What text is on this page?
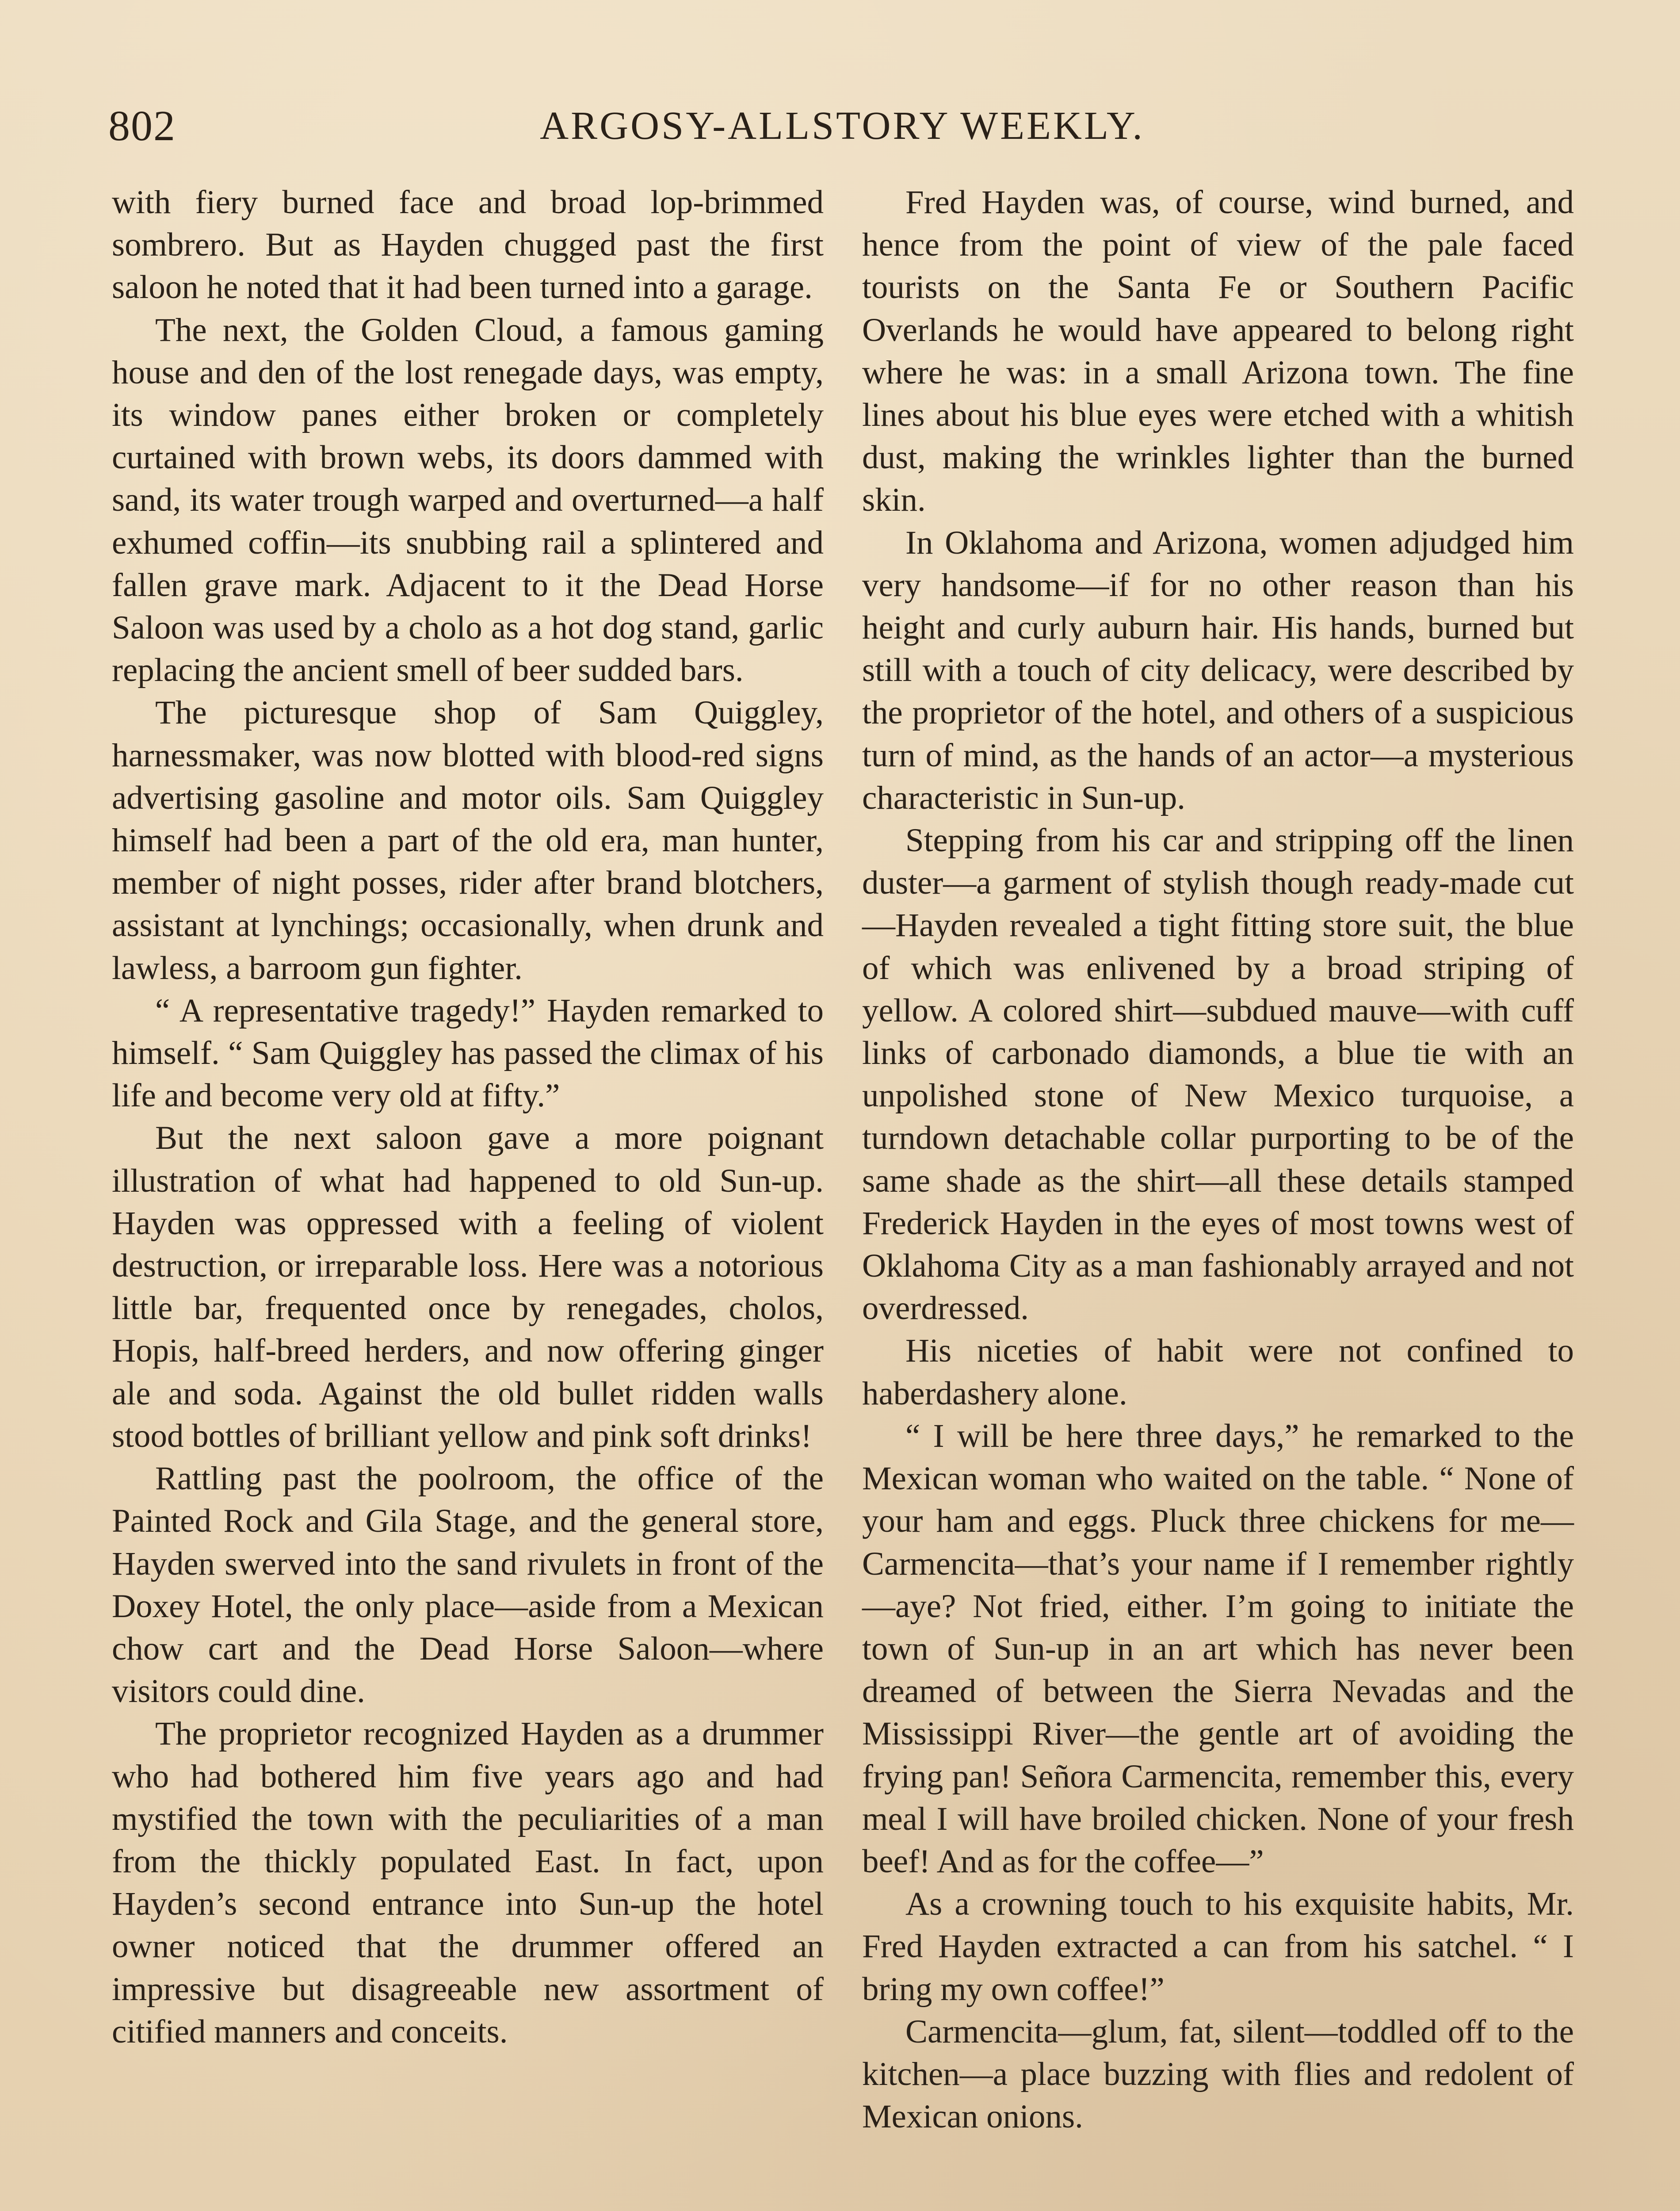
802	ARGOSY-ALLSTORY WEEKLY.

with fiery burned face and broad lop-brimmed sombrero. But as Hayden chugged past the first saloon he noted that it had been turned into a garage.

The next, the Golden Cloud, a famous gaming house and den of the lost renegade days, was empty, its window panes either broken or completely curtained with brown webs, its doors dammed with sand, its water trough warped and overturned—a half exhumed coffin—its snubbing rail a splintered and fallen grave mark. Adjacent to it the Dead Horse Saloon was used by a cholo as a hot dog stand, garlic replacing the ancient smell of beer sudded bars.

The picturesque shop of Sam Quiggley, harnessmaker, was now blotted with blood-red signs advertising gasoline and motor oils. Sam Quiggley himself had been a part of the old era, man hunter, member of night posses, rider after brand blotchers, assistant at lynchings; occasionally, when drunk and lawless, a barroom gun fighter.

“ A representative tragedy!” Hayden remarked to himself. “ Sam Quiggley has passed the climax of his life and become very old at fifty.”

But the next saloon gave a more poignant illustration of what had happened to old Sun-up. Hayden was oppressed with a feeling of violent destruction, or irreparable loss. Here was a notorious little bar, frequented once by renegades, cholos, Hopis, half-breed herders, and now offering ginger ale and soda. Against the old bullet ridden walls stood bottles of brilliant yellow and pink soft drinks!

Rattling past the poolroom, the office of the Painted Rock and Gila Stage, and the general store, Hayden swerved into the sand rivulets in front of the Doxey Hotel, the only place—aside from a Mexican chow cart and the Dead Horse Saloon—where visitors could dine.

The proprietor recognized Hayden as a drummer who had bothered him five years ago and had mystified the town with the peculiarities of a man from the thickly populated East. In fact, upon Hayden’s second entrance into Sun-up the hotel owner noticed that the drummer offered an impressive but disagreeable new assortment of citified manners and conceits.

Fred Hayden was, of course, wind burned, and hence from the point of view of the pale faced tourists on the Santa Fe or Southern Pacific Overlands he would have appeared to belong right where he was: in a small Arizona town. The fine lines about his blue eyes were etched with a whitish dust, making the wrinkles lighter than the burned skin.

In Oklahoma and Arizona, women adjudged him very handsome—if for no other reason than his height and curly auburn hair. His hands, burned but still with a touch of city delicacy, were described by the proprietor of the hotel, and others of a suspicious turn of mind, as the hands of an actor—a mysterious characteristic in Sun-up.

Stepping from his car and stripping off the linen duster—a garment of stylish though ready-made cut—Hayden revealed a tight fitting store suit, the blue of which was enlivened by a broad striping of yellow. A colored shirt—subdued mauve—with cuff links of carbonado diamonds, a blue tie with an unpolished stone of New Mexico turquoise, a turndown detachable collar purporting to be of the same shade as the shirt—all these details stamped Frederick Hayden in the eyes of most towns west of Oklahoma City as a man fashionably arrayed and not overdressed.

His niceties of habit were not confined to haberdashery alone.

“ I will be here three days,” he remarked to the Mexican woman who waited on the table. “ None of your ham and eggs. Pluck three chickens for me—Carmencita—that’s your name if I remember rightly—aye? Not fried, either. I’m going to initiate the town of Sun-up in an art which has never been dreamed of between the Sierra Nevadas and the Mississippi River—the gentle art of avoiding the frying pan! Señora Carmencita, remember this, every meal I will have broiled chicken. None of your fresh beef! And as for the coffee—”

As a crowning touch to his exquisite habits, Mr. Fred Hayden extracted a can from his satchel. “ I bring my own coffee!”

Carmencita—glum, fat, silent—toddled off to the kitchen—a place buzzing with flies and redolent of Mexican onions.
